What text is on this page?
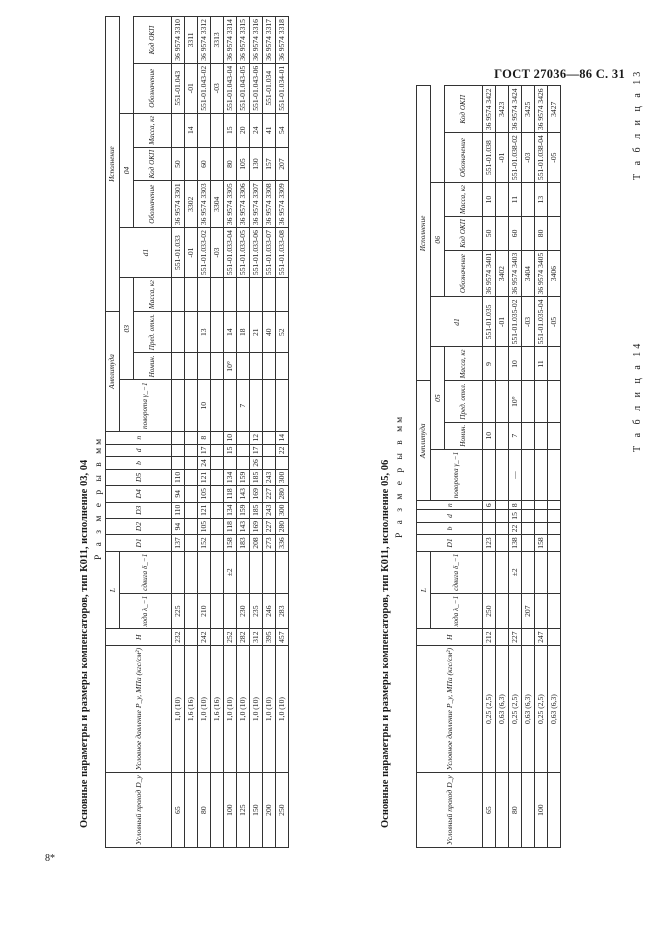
ГОСТ 27036—86 С. 31 Т а б л и ц а 13
Основные параметры и размеры компенсаторов, тип К011, исполнение 03, 04 Р а з м е р ы в мм
Условный проход D_у	Условное давление P_у, МПа (кгс/см²)	H	L		D1	D2	D3	D4	D5	b	d	n	Амплитуда			Исполнение						
			хода λ_−1	сдвига δ_−1									поворота γ_−1	03			d1	04				
														Номин.	Пред. откл.	Масса, кг		Обозначение	Код ОКП	Масса, кг	Обозначение	Код ОКП
65	1,0 (10)	232	225		137	94	110	94	110								551-01.033	36 9574 3301	50		551-01.043	36 9574 3310
	1,6 (16)																-01	3302		14	-01	3311
80	1,0 (10)	242	210		152	105	121	105	121	24	17	8	10		13		551-01.033-02	36 9574 3303	60		551-01.043-02	36 9574 3312
	1,6 (16)																-03	3304			-03	3313
100	1,0 (10)	252		±2	158	118	134	118	134		15	10		10°	14		551-01.033-04	36 9574 3305	80	15	551-01.043-04	36 9574 3314
125	1,0 (10)	282	230		183	143	159	143	159				7		18		551-01.033-05	36 9574 3306	105	20	551-01.043-05	36 9574 3315
150	1,0 (10)	312	235		208	169	185	169	185	26	17	12			21		551-01.033-06	36 9574 3307	130	24	551-01.043-06	36 9574 3316
200	1,0 (10)	395	246		273	227	243	227	243						40		551-01.033-07	36 9574 3308	157	41	551-01.034	36 9574 3317
250	1,0 (10)	457	283		336	280	300	280	300		22	14			52		551-01.033-08	36 9574 3309	207	54	551-01.034-01	36 9574 3318
Т а б л и ц а 14
Основные параметры и размеры компенсаторов, тип К011, исполнение 05, 06 Р а з м е р ы в мм
Условный проход D_у	Условное давление P_у, МПа (кгс/см²)	H	L		D1	b	d	n	Амплитуда			Исполнение						
			хода λ_−1	сдвига δ_−1					поворота γ_−1	05			d1	06				
										Номин.	Пред. откл.	Масса, кг		Обозначение	Код ОКП	Масса, кг	Обозначение	Код ОКП
65	0,25 (2,5)	212	250		123			6		10		9	551-01.035	36 9574 3401	50	10	551-01.038	36 9574 3422
	0,63 (6,3)												-01	3402			-01	3423
80	0,25 (2,5)	227		±2	138	22	15	8	—	7	10°	10	551-01.035-02	36 9574 3403	60	11	551-01.038-02	36 9574 3424
	0,63 (6,3)		207										-03	3404			-03	3425
100	0,25 (2,5)	247			158							11	551-01.035-04	36 9574 3405	80	13	551-01.038-04	36 9574 3426
	0,63 (6,3)												-05	3406			-05	3427
8*
